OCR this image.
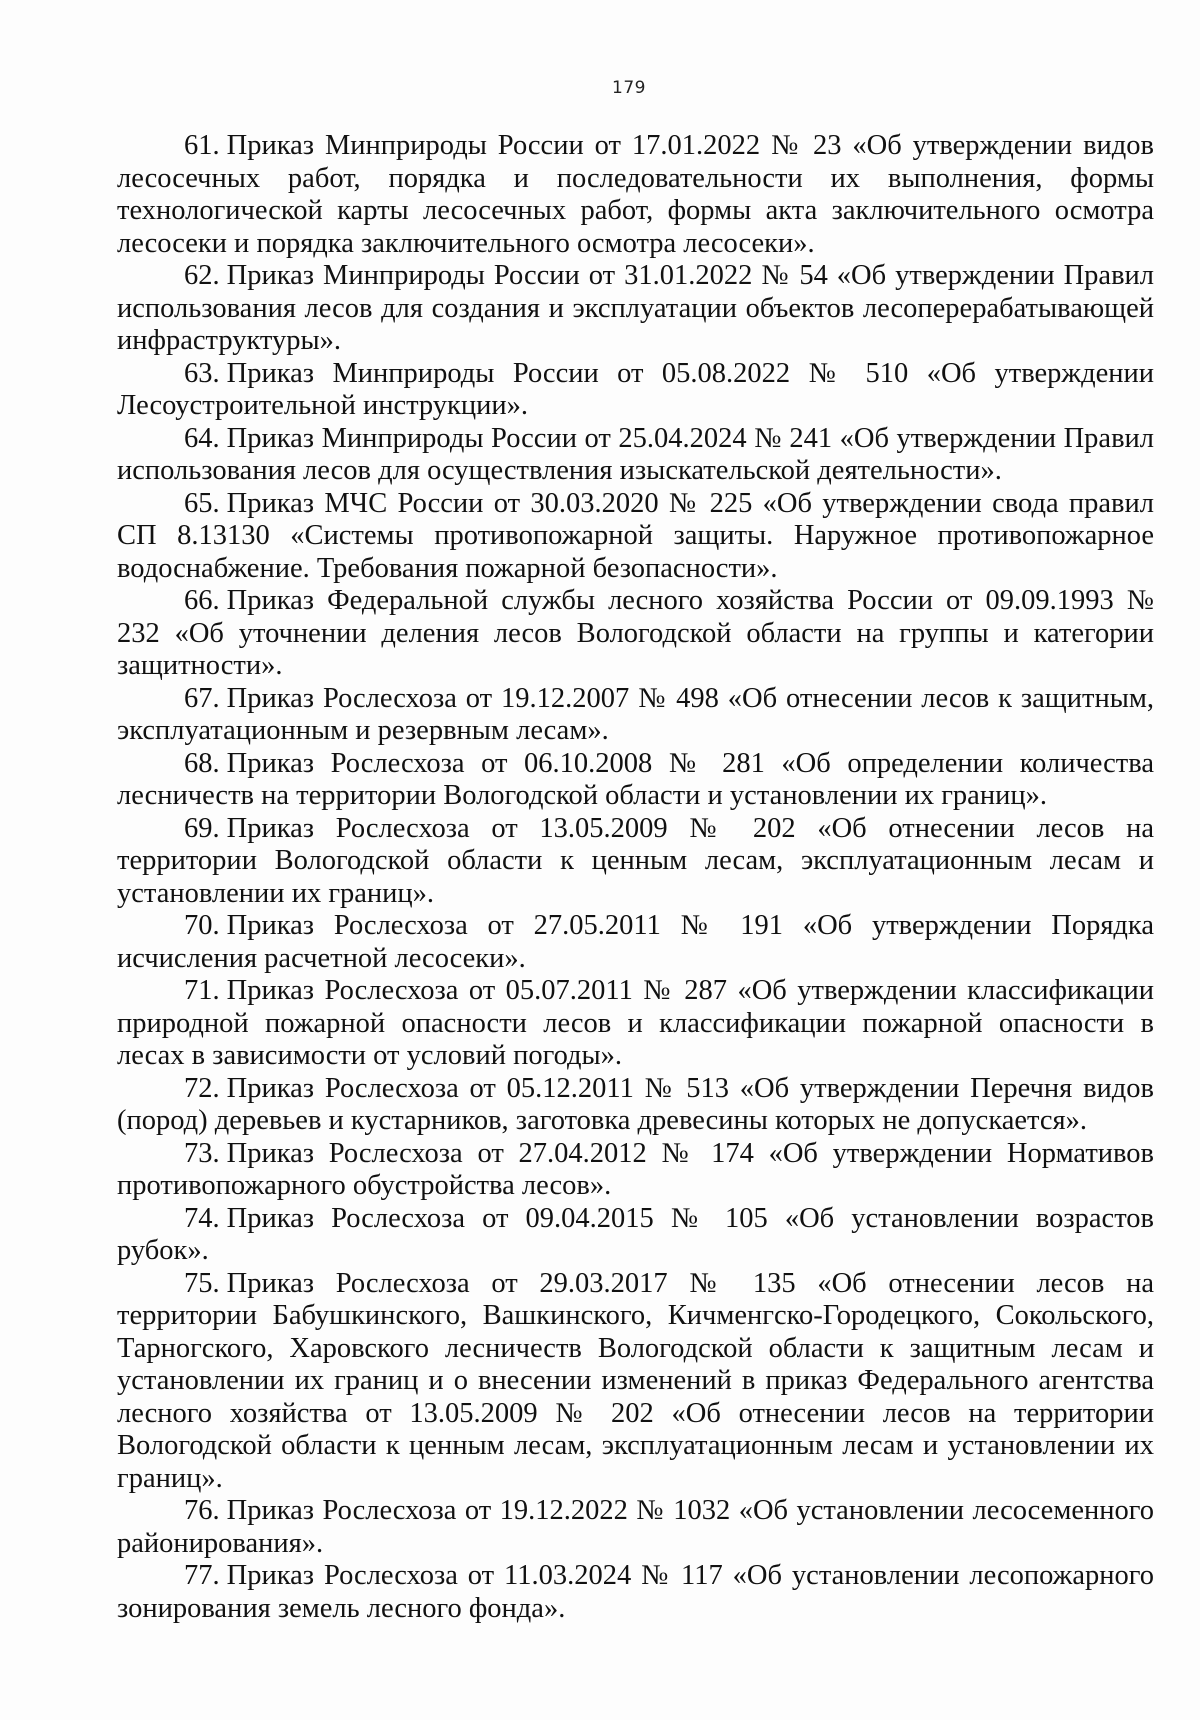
179

61. Приказ Минприроды России от 17.01.2022 № 23 «Об утверждении видов лесосечных работ, порядка и последовательности их выполнения, формы технологической карты лесосечных работ, формы акта заключительного осмотра лесосеки и порядка заключительного осмотра лесосеки».

62. Приказ Минприроды России от 31.01.2022 № 54 «Об утверждении Правил использования лесов для создания и эксплуатации объектов лесоперерабатывающей инфраструктуры».

63. Приказ Минприроды России от 05.08.2022 № 510 «Об утверждении Лесоустроительной инструкции».

64. Приказ Минприроды России от 25.04.2024 № 241 «Об утверждении Правил использования лесов для осуществления изыскательской деятельности».

65. Приказ МЧС России от 30.03.2020 № 225 «Об утверждении свода правил СП 8.13130 «Системы противопожарной защиты. Наружное противопожарное водоснабжение. Требования пожарной безопасности».

66. Приказ Федеральной службы лесного хозяйства России от 09.09.1993 № 232 «Об уточнении деления лесов Вологодской области на группы и категории защитности».

67. Приказ Рослесхоза от 19.12.2007 № 498 «Об отнесении лесов к защитным, эксплуатационным и резервным лесам».

68. Приказ Рослесхоза от 06.10.2008 № 281 «Об определении количества лесничеств на территории Вологодской области и установлении их границ».

69. Приказ Рослесхоза от 13.05.2009 № 202 «Об отнесении лесов на территории Вологодской области к ценным лесам, эксплуатационным лесам и установлении их границ».

70. Приказ Рослесхоза от 27.05.2011 № 191 «Об утверждении Порядка исчисления расчетной лесосеки».

71. Приказ Рослесхоза от 05.07.2011 № 287 «Об утверждении классификации природной пожарной опасности лесов и классификации пожарной опасности в лесах в зависимости от условий погоды».

72. Приказ Рослесхоза от 05.12.2011 № 513 «Об утверждении Перечня видов (пород) деревьев и кустарников, заготовка древесины которых не допускается».

73. Приказ Рослесхоза от 27.04.2012 № 174 «Об утверждении Нормативов противопожарного обустройства лесов».

74. Приказ Рослесхоза от 09.04.2015 № 105 «Об установлении возрастов рубок».

75. Приказ Рослесхоза от 29.03.2017 № 135 «Об отнесении лесов на территории Бабушкинского, Вашкинского, Кичменгско-Городецкого, Сокольского, Тарногского, Харовского лесничеств Вологодской области к защитным лесам и установлении их границ и о внесении изменений в приказ Федерального агентства лесного хозяйства от 13.05.2009 № 202 «Об отнесении лесов на территории Вологодской области к ценным лесам, эксплуатационным лесам и установлении их границ».

76. Приказ Рослесхоза от 19.12.2022 № 1032 «Об установлении лесосеменного районирования».

77. Приказ Рослесхоза от 11.03.2024 № 117 «Об установлении лесопожарного зонирования земель лесного фонда».
